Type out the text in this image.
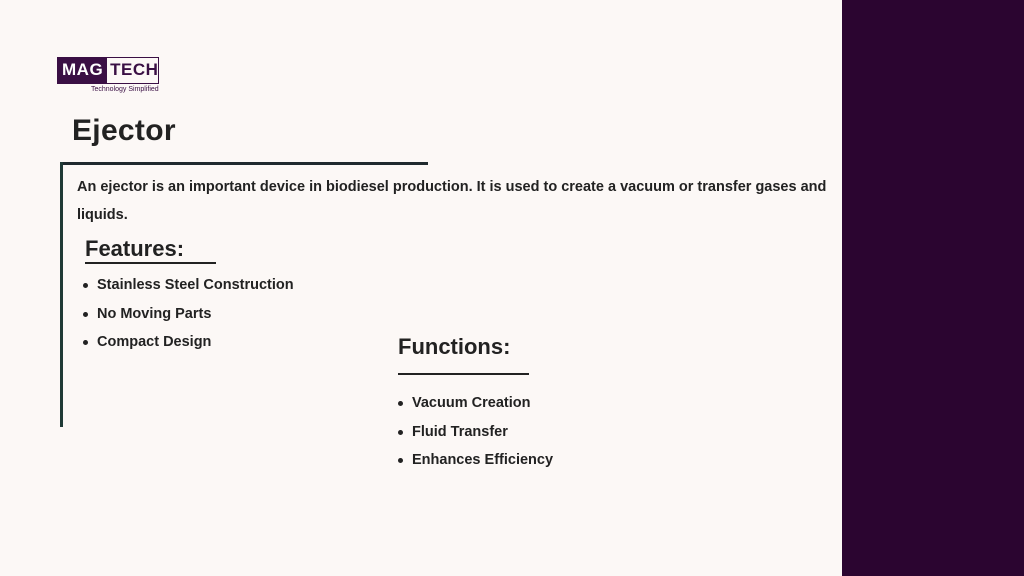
MAG TECH
Technology Simplified
Ejector

An ejector is an important device in biodiesel production. It is used to create a vacuum or transfer gases and liquids.

Features:
Stainless Steel Construction
No Moving Parts
Compact Design	Functions:
Vacuum Creation
Fluid Transfer
Enhances Efficiency
